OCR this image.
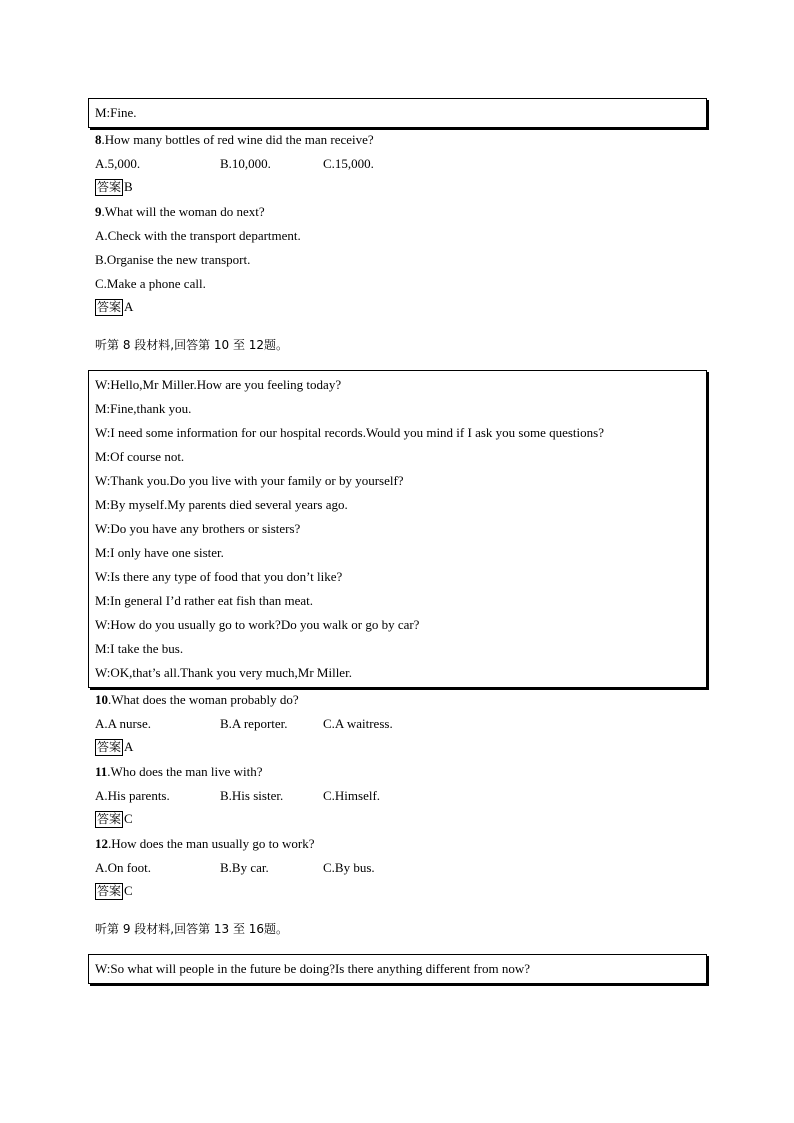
M:Fine.
8.How many bottles of red wine did the man receive?
A.5,000.	B.10,000.	C.15,000.
答案 B
9.What will the woman do next?
A.Check with the transport department.
B.Organise the new transport.
C.Make a phone call.
答案 A
听第 8 段材料,回答第 10 至 12题。
W:Hello,Mr Miller.How are you feeling today?
M:Fine,thank you.
W:I need some information for our hospital records.Would you mind if I ask you some questions?
M:Of course not.
W:Thank you.Do you live with your family or by yourself?
M:By myself.My parents died several years ago.
W:Do you have any brothers or sisters?
M:I only have one sister.
W:Is there any type of food that you don’t like?
M:In general I’d rather eat fish than meat.
W:How do you usually go to work?Do you walk or go by car?
M:I take the bus.
W:OK,that’s all.Thank you very much,Mr Miller.
10.What does the woman probably do?
A.A nurse.	B.A reporter.	C.A waitress.
答案 A
11.Who does the man live with?
A.His parents.	B.His sister.	C.Himself.
答案 C
12.How does the man usually go to work?
A.On foot.	B.By car.	C.By bus.
答案 C
听第 9 段材料,回答第 13 至 16题。
W:So what will people in the future be doing?Is there anything different from now?
